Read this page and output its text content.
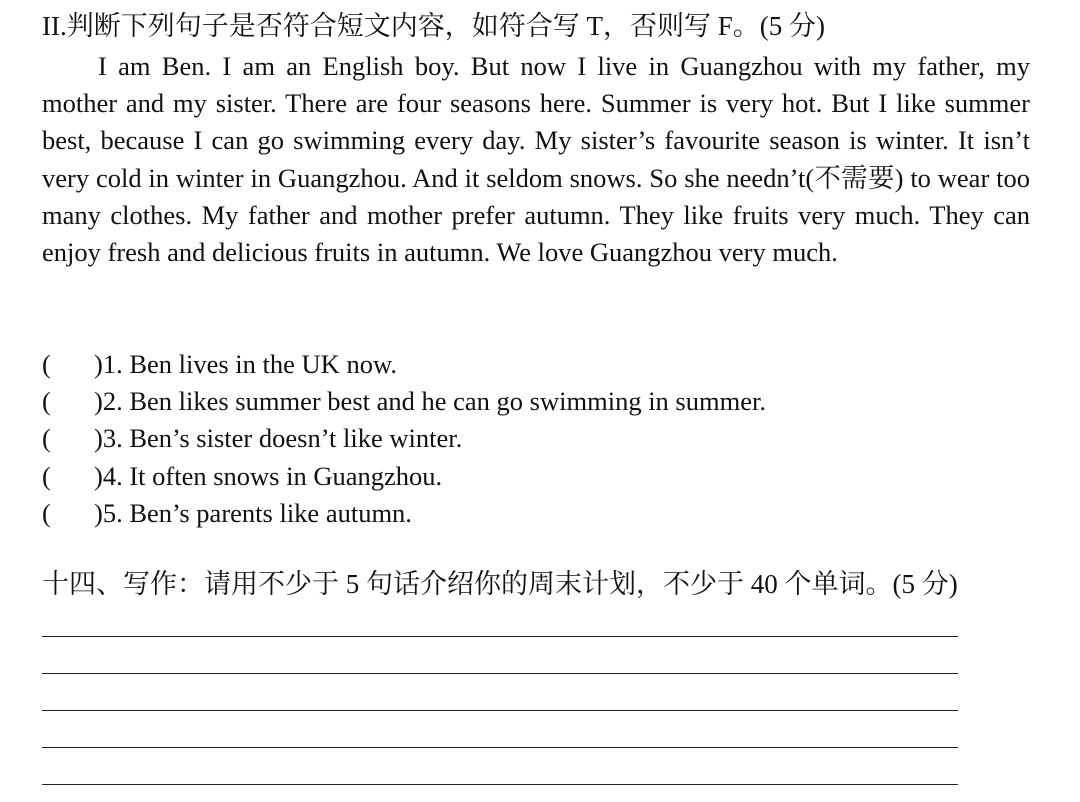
II.判断下列句子是否符合短文内容，如符合写 T，否则写 F。(5 分)

I am Ben. I am an English boy. But now I live in Guangzhou with my father, my mother and my sister. There are four seasons here. Summer is very hot. But I like summer best, because I can go swimming every day. My sister’s favourite season is winter. It isn’t very cold in winter in Guangzhou. And it seldom snows. So she needn’t(不需要) to wear too many clothes. My father and mother prefer autumn. They like fruits very much. They can enjoy fresh and delicious fruits in autumn. We love Guangzhou very much.

( )1. Ben lives in the UK now.
( )2. Ben likes summer best and he can go swimming in summer.
( )3. Ben’s sister doesn’t like winter.
( )4. It often snows in Guangzhou.
( )5. Ben’s parents like autumn.
十四、写作：请用不少于 5 句话介绍你的周末计划，不少于 40 个单词。(5 分)
